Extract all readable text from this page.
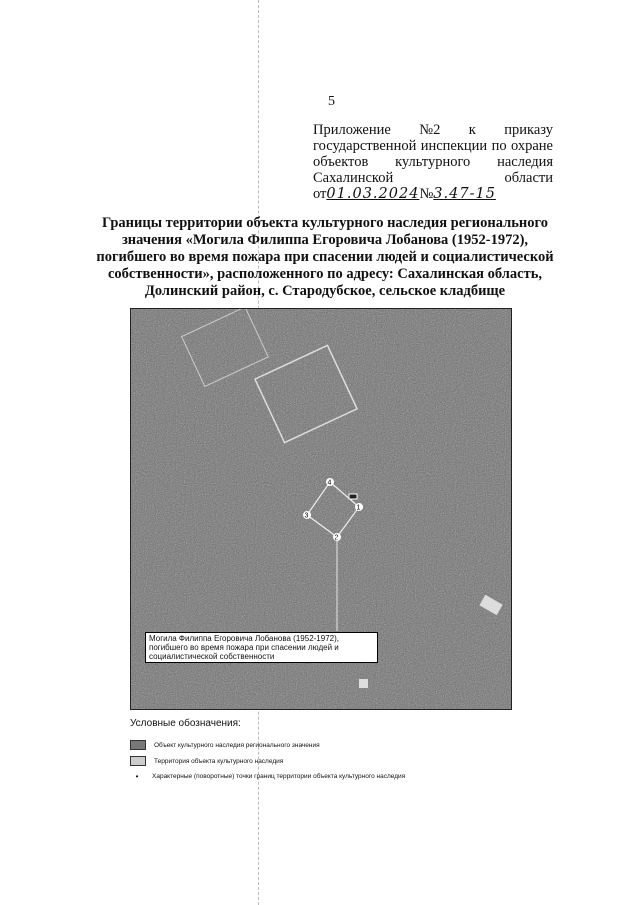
5
Приложение №2 к приказу
государственной инспекции по охране
объектов культурного наследия
Сахалинской	области
от01.03.2024№3.47-15
Границы территории объекта культурного наследия регионального значения «Могила Филиппа Егоровича Лобанова (1952-1972), погибшего во время пожара при спасении людей и социалистической собственности», расположенного по адресу: Сахалинская область, Долинский район, с. Стародубское, сельское кладбище
4
1
2
3
Могила Филиппа Егоровича Лобанова (1952-1972), погибшего во время пожара при спасении людей и социалистической собственности
Условные обозначения:
Объект культурного наследия регионального значения
Территория объекта культурного наследия
•	Характерные (поворотные) точки границ территории объекта культурного наследия
